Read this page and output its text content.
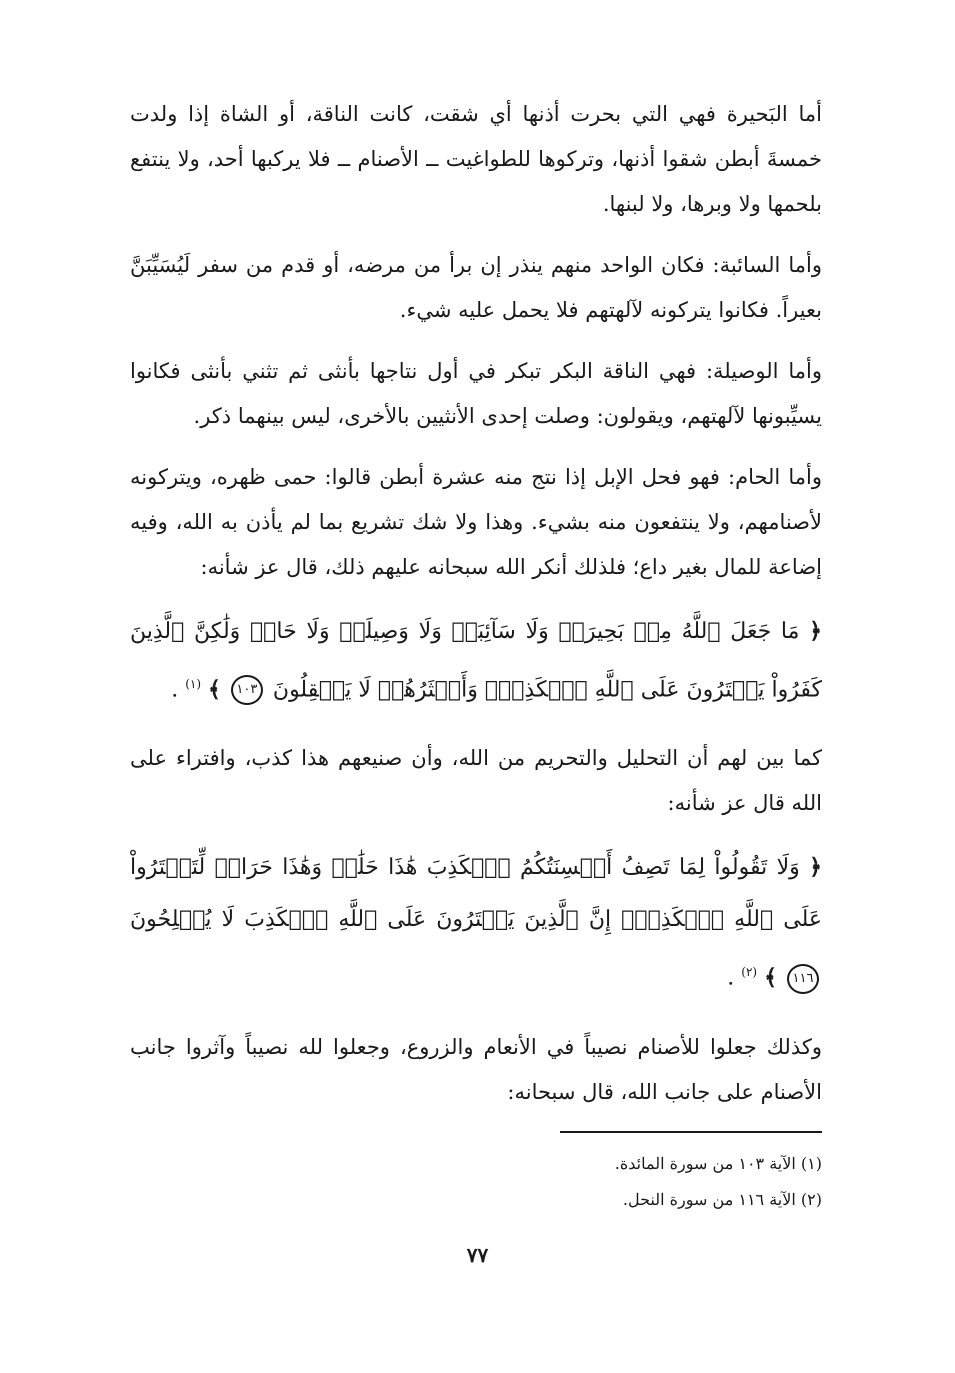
أما البَحيرة فهي التي بحرت أذنها أي شقت، كانت الناقة، أو الشاة إذا ولدت خمسةَ أبطن شقوا أذنها، وتركوها للطواغيت ــ الأصنام ــ فلا يركبها أحد، ولا ينتفع بلحمها ولا وبرها، ولا لبنها.

وأما السائبة: فكان الواحد منهم ينذر إن برأ من مرضه، أو قدم من سفر لَيُسَيِّبَنَّ بعيراً. فكانوا يتركونه لآلهتهم فلا يحمل عليه شيء.

وأما الوصيلة: فهي الناقة البكر تبكر في أول نتاجها بأنثى ثم تثني بأنثى فكانوا يسيِّبونها لآلهتهم، ويقولون: وصلت إحدى الأنثيين بالأخرى، ليس بينهما ذكر.

وأما الحام: فهو فحل الإبل إذا نتج منه عشرة أبطن قالوا: حمى ظهره، ويتركونه لأصنامهم، ولا ينتفعون منه بشيء. وهذا ولا شك تشريع بما لم يأذن به الله، وفيه إضاعة للمال بغير داع؛ فلذلك أنكر الله سبحانه عليهم ذلك، قال عز شأنه:

﴿ مَا جَعَلَ ٱللَّهُ مِنۢ بَحِيرَةٖ وَلَا سَآئِبَةٖ وَلَا وَصِيلَةٖ وَلَا حَامٖ وَلَٰكِنَّ ٱلَّذِينَ كَفَرُواْ يَفۡتَرُونَ عَلَى ٱللَّهِ ٱلۡكَذِبَۖ وَأَكۡثَرُهُمۡ لَا يَعۡقِلُونَ ١٠٣ ﴾ $^{(١)}$ .

كما بين لهم أن التحليل والتحريم من الله، وأن صنيعهم هذا كذب، وافتراء على الله قال عز شأنه:

﴿ وَلَا تَقُولُواْ لِمَا تَصِفُ أَلۡسِنَتُكُمُ ٱلۡكَذِبَ هَٰذَا حَلَٰلٞ وَهَٰذَا حَرَامٞ لِّتَفۡتَرُواْ عَلَى ٱللَّهِ ٱلۡكَذِبَۚ إِنَّ ٱلَّذِينَ يَفۡتَرُونَ عَلَى ٱللَّهِ ٱلۡكَذِبَ لَا يُفۡلِحُونَ ١١٦ ﴾ $^{(٢)}$ .

وكذلك جعلوا للأصنام نصيباً في الأنعام والزروع، وجعلوا لله نصيباً وآثروا جانب الأصنام على جانب الله، قال سبحانه:

(١) الآية ١٠٣ من سورة المائدة.

(٢) الآية ١١٦ من سورة النحل.

٧٧
